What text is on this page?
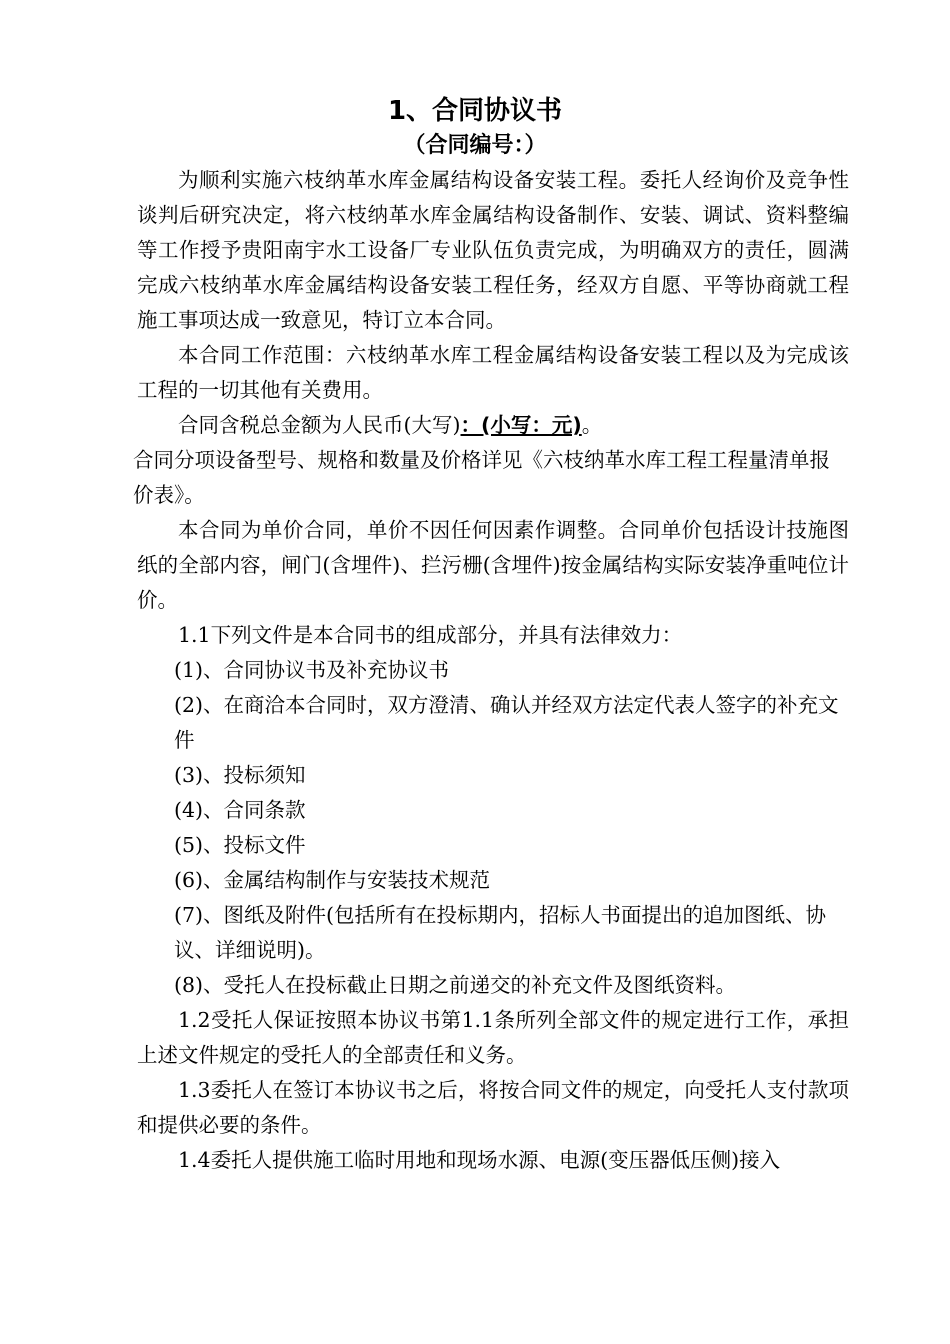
1、合同协议书
（合同编号：）

为顺利实施六枝纳革水库金属结构设备安装工程。委托人经询价及竞争性谈判后研究决定，将六枝纳革水库金属结构设备制作、安装、调试、资料整编等工作授予贵阳南宇水工设备厂专业队伍负责完成，为明确双方的责任，圆满完成六枝纳革水库金属结构设备安装工程任务，经双方自愿、平等协商就工程施工事项达成一致意见，特订立本合同。

本合同工作范围：六枝纳革水库工程金属结构设备安装工程以及为完成该工程的一切其他有关费用。

合同含税总金额为人民币(大写)：(小写：元)。

合同分项设备型号、规格和数量及价格详见《六枝纳革水库工程工程量清单报价表》。

本合同为单价合同，单价不因任何因素作调整。合同单价包括设计技施图纸的全部内容，闸门(含埋件)、拦污栅(含埋件)按金属结构实际安装净重吨位计价。

1.1下列文件是本合同书的组成部分，并具有法律效力：

(1)、合同协议书及补充协议书

(2)、在商洽本合同时，双方澄清、确认并经双方法定代表人签字的补充文件

(3)、投标须知

(4)、合同条款

(5)、投标文件

(6)、金属结构制作与安装技术规范

(7)、图纸及附件(包括所有在投标期内，招标人书面提出的追加图纸、协议、详细说明)。

(8)、受托人在投标截止日期之前递交的补充文件及图纸资料。

1.2受托人保证按照本协议书第1.1条所列全部文件的规定进行工作，承担上述文件规定的受托人的全部责任和义务。

1.3委托人在签订本协议书之后，将按合同文件的规定，向受托人支付款项和提供必要的条件。

1.4委托人提供施工临时用地和现场水源、电源(变压器低压侧)接入
